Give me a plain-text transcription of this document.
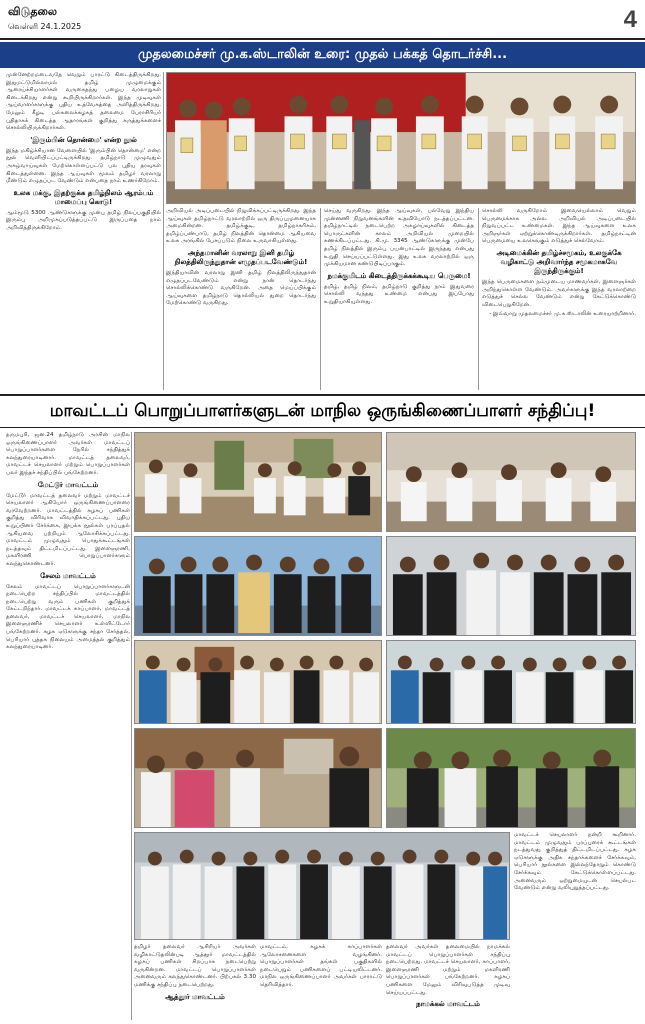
விடுதலை
வெள்ளி 24.1.2025	4
முதலமைச்சர் மு.க.ஸ்டாலின் உரை: முதல் பக்கத் தொடர்ச்சி...

முன்னேற்றமடைவதே வெறும் பாரட்டு கிடைத்திருக்கிறது. இதுமட்டுமில்லாமல் தமிழ் முழுமைக்கும் ஆரைய்ச்சியாளர்கள் வருகைதந்து பழைய வரலாறுகள் கிடைக்கிறது என்று கூறியிருக்கிறார்கள். இந்த முடிவுகள் ஆய்வாளர்களுக்கு புதிய உத்வேகத்தை அளித்திருக்கிறது. மேலும் கீழடி பல்கலைக்கழகத் தலைமை பேராசிரியர் புதிதாகக் கிடைத்த ஆதாரங்கள் குறித்து கருத்துக்களைச் சொல்லியிருக்கிறார்கள்.

'இரும்பின் தொன்மை' என்ற நூல்

இந்த மகிழ்ச்சியான வேளையில் 'இரும்பின் தொன்மை' என்ற நூல் வெளியிடப்பட்டிருக்கிறது. தமிழ்நாடு முழுவதும் அகழ்வாய்வுகள் மேற்கொள்ளப்பட்டு பல புதிய தரவுகள் கிடைத்துள்ளன. இந்த ஆய்வுகள் மூலம் தமிழர் வரலாறு மீண்டும் எழுதப்பட வேண்டும் என்பதை நாம் உணர்கிறோம்.

உலக மக்கு, இதற்குக்க தமிழ்நிலம் ஆரம்பம் மாமைப்பு கொடு!

ஆம்மூடு 5300 ஆண்டுகளுக்கு முன்பு தமிழ் நிலப்பகுதியில் இரும்பு அறிமுகப்படுத்தப்பட்டு இருப்பதை நாம் அறிவித்திருக்கிறோம்.

அறிவியல் அடிப்படையில் நிறுவிக்கப்பட்டிருக்கிறது. இந்த ஆய்வுகள் தமிழ்நாட்டு வரலாற்றில் ஒரு திருப்புமுனையாக அமைகின்றன. தமிழ்க்குடி, தமிழ்நாகரிகம், தமிழ்ப்பண்பாடு, தமிழ் நிலத்தின் தொன்மை ஆகியவை உலக அரங்கில் பேசப்படும் நிலை உருவாகியுள்ளது.

அந்தமானின் வரலாறு இனி தமிழ் நிலத்திலிருந்துதான் எழுதப்படவேண்டும்!

இந்தியாவின் வரலாறு இனி தமிழ் நிலத்திலிருந்துதான் எழுதப்படவேண்டும் என்று நான் தொடர்ந்து சொல்லிக்கொண்டு வருகிறேன். அதை மெய்ப்பிக்கும் ஆய்வுகளை தமிழ்நாடு தொல்லியல் துறை தொடர்ந்து மேற்கொண்டு வருகிறது.

செய்து வருகிறது. இந்த ஆய்வுகள், பல்வேறு இந்திய முன்னணி நிறுவனங்களின் உதவியோடு நடத்தப்பட்டன. தமிழ்நாட்டில் நடைபெற்ற அகழாய்வுகளில் கிடைத்த பொருட்களின் காலம் அறிவியல் முறையில் கணக்கிடப்பட்டது. கி.மு. 3345 ஆண்டுகளுக்கு முன்பே தமிழ் நிலத்தில் இரும்பு பயன்பாட்டில் இருந்தது என்பது உறுதி செய்யப்பட்டுள்ளது. இது உலக வரலாற்றில் ஒரு முக்கியமான கண்டுபிடிப்பாகும்.

நமக்குமிடம் கிடைத்திருக்கக்கூடிய பெருமை!

தமிழ், தமிழ் நிலம், தமிழ்நாடு குறித்து நாம் இதுவரை சொல்லி வந்தது உண்மை என்பது இப்போது உறுதியாகியுள்ளது.

சொல்லி வருகிறோம் இவையெல்லாம் வெறும் பெருமைக்காக அல்ல. அறிவியல் அடிப்படையில் நிறுவப்பட்ட உண்மைகள். இந்த ஆய்வுகளை உலக அறிஞர்கள் ஏற்றுக்கொண்டிருக்கிறார்கள். தமிழ்நாட்டின் பெருமையை உலகெங்கும் எடுத்துச் செல்வோம்.

அடிமைக்கின் தமிழ்ச்சமூகம், உலகுக்கே வழிகாட்டு அறிவார்ந்த சமூகமாகவே இருந்திருக்கும்!

இந்த பெருமைகளை நம்முடைய மாணவர்கள், இளைஞர்கள் அறிந்துகொள்ள வேண்டும். அவர்களுக்கு இந்த வரலாற்றை எடுத்துச் செல்ல வேண்டும் என்று கேட்டுக்கொண்டு விடைபெறுகிறேன்.

- இவ்வாறு முதலமைச்சர் மு.க.ஸ்டாலின் உரையாற்றினார்.

மாவட்டப் பொறுப்பாளர்களுடன் மாநில ஒருங்கிணைப்பாளர் சந்திப்பு!

தருமபுரி, ஜன.24 தமிழ்நாடு அரசின் மாநில ஒருங்கிணைப்பாளர் அவர்கள் மாவட்டப் பொறுப்பாளர்களை நேரில் சந்தித்துக் கலந்துரையாடினார். மாவட்டத் தலைவர், மாவட்டச் செயலாளர் மற்றும் பொறுப்பாளர்கள் பலர் இந்தச் சந்திப்பில் பங்கேற்றனர்.

மேட்டூர் மாவட்டம்

மேட்டூர் மாவட்டத் தலைவர் மற்றும் மாவட்டச் செயலாளர் ஆகியோர் ஒருங்கிணைப்பாளரை வரவேற்றனர். மாவட்டத்தில் கழகப் பணிகள் குறித்து விரிவாக விவாதிக்கப்பட்டது. புதிய உறுப்பினர் சேர்க்கை, இயக்க நூல்கள் பரப்புதல் ஆகியவை பற்றியும் ஆலோசிக்கப்பட்டது. மாவட்டம் முழுவதும் பொதுக்கூட்டங்கள் நடத்தவும் திட்டமிடப்பட்டது. இளைஞரணி, மகளிரணி பொறுப்பாளர்களும் கலந்துகொண்டனர்.

சேலம் மாவட்டம்

சேலம் மாவட்டப் பொறுப்பாளர்களுடன் நடைபெற்ற சந்திப்பில் மாவட்டத்தில் நடைபெற்று வரும் பணிகள் குறித்துக் கேட்டறிந்தார். மாவட்டக் காப்பாளர், மாவட்டத் தலைவர், மாவட்டச் செயலாளர், மாநில இளைஞரணிச் செயலாளர் உள்ளிட்டோர் பங்கேற்றனர். கழக ஏடுகளுக்கு சந்தா சேர்த்தல், பெரியார் புத்தக நிலையம் அமைத்தல் குறித்தும் கலந்துரையாடினர்.

மாவட்டச் செயலாளர் நன்றி கூறினார். மாவட்டம் முழுவதும் பரப்புரைக் கூட்டங்கள் நடத்துவது குறித்துத் திட்டமிடப்பட்டது. கழக ஏடுகளுக்கு அதிக சந்தாக்களைச் சேர்க்கவும், பெரியார் நூல்களை இல்லந்தோறும் கொண்டு சேர்க்கவும் கேட்டுக்கொள்ளப்பட்டது. அனைவரும் ஒற்றுமையுடன் செயல்பட வேண்டும் என்று வலியுறுத்தப்பட்டது.

தமிழர் தலைவர் ஆசிரியர் அவர்கள் வழிகாட்டுதலின்படி ஆத்தூர் மாவட்டத்தில் கழகப் பணிகள் சிறப்பாக நடைபெற்று வருகின்றன. மாவட்டப் பொறுப்பாளர்கள் அனைவரும் கலந்துகொண்டனர். பிற்பகல் 3.30 மணிக்கு சந்திப்பு நடைபெற்றது.

ஆத்தூர் மாவட்டம்

மாவட்டம், கழகக் காப்பாளர்கள் ஆலோசனைகளை வழங்கினர். பொறுப்பாளர்கள் தங்கள் பகுதிகளில் நடைபெறும் பணிகளைப் பட்டியலிட்டனர். மாநில ஒருங்கிணைப்பாளர் அவர்கள் பாராட்டு தெரிவித்தார்.

தலைவர் அவர்கள் தலைமையில் நாமக்கல் மாவட்டப் பொறுப்பாளர்கள் சந்திப்பு நடைபெற்றது. மாவட்டச் செயலாளர், காப்பாளர், இளைஞரணி மற்றும் மகளிரணி பொறுப்பாளர்கள் பங்கேற்றனர். கழகப் பணிகளை மேலும் விரிவுபடுத்த முடிவு செய்யப்பட்டது.

நாமக்கல் மாவட்டம்
